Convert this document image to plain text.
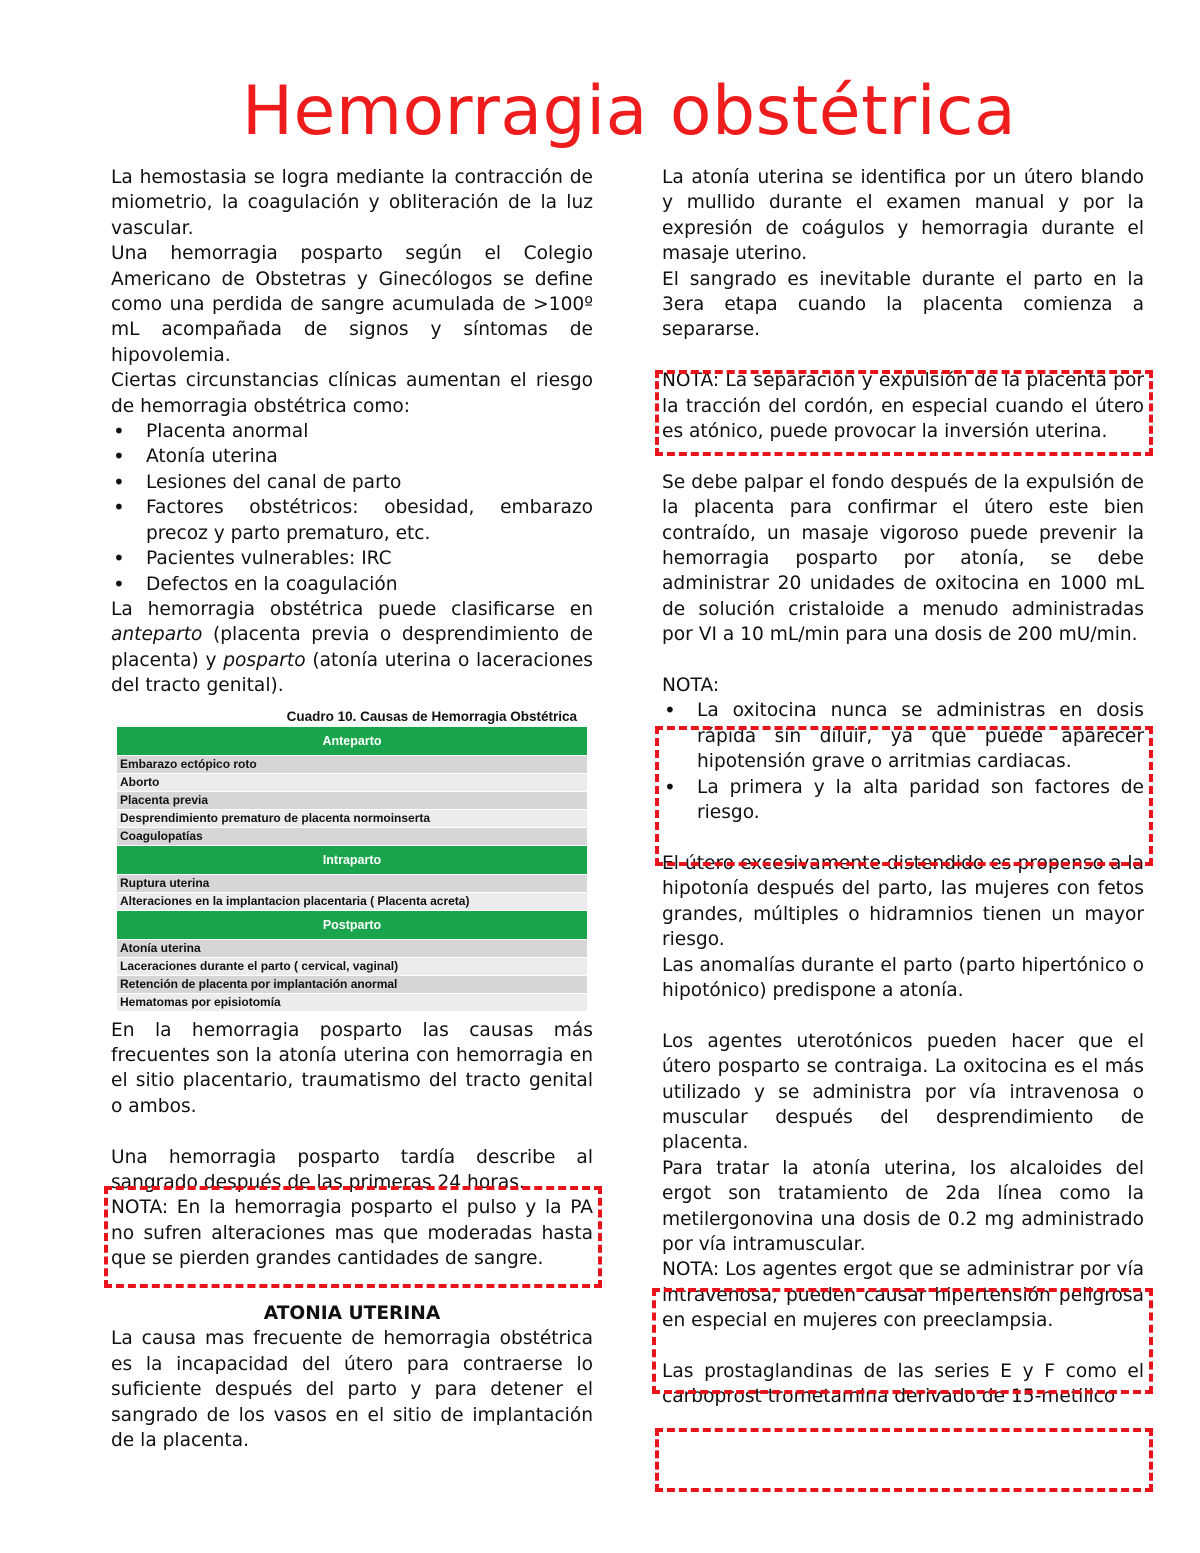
Hemorragia obstétrica

La hemostasia se logra mediante la contracción de miometrio, la coagulación y obliteración de la luz vascular.

Una hemorragia posparto según el Colegio Americano de Obstetras y Ginecólogos se define como una perdida de sangre acumulada de >100º mL acompañada de signos y síntomas de hipovolemia.

Ciertas circunstancias clínicas aumentan el riesgo de hemorragia obstétrica como:

• Placenta anormal
• Atonía uterina
• Lesiones del canal de parto
• Factores obstétricos: obesidad, embarazo precoz y parto prematuro, etc.
• Pacientes vulnerables: IRC
• Defectos en la coagulación

La hemorragia obstétrica puede clasificarse en anteparto (placenta previa o desprendimiento de placenta) y posparto (atonía uterina o laceraciones del tracto genital).

Cuadro 10. Causas de Hemorragia Obstétrica
Anteparto
Embarazo ectópico roto
Aborto
Placenta previa
Desprendimiento prematuro de placenta normoinserta
Coagulopatías
Intraparto
Ruptura uterina
Alteraciones en la implantacion placentaria ( Placenta acreta)
Postparto
Atonía uterina
Laceraciones durante el parto ( cervical, vaginal)
Retención de placenta por implantación anormal
Hematomas por episiotomía

En la hemorragia posparto las causas más frecuentes son la atonía uterina con hemorragia en el sitio placentario, traumatismo del tracto genital o ambos.

Una hemorragia posparto tardía describe al sangrado después de las primeras 24 horas.

NOTA: En la hemorragia posparto el pulso y la PA no sufren alteraciones mas que moderadas hasta que se pierden grandes cantidades de sangre.

ATONIA UTERINA

La causa mas frecuente de hemorragia obstétrica es la incapacidad del útero para contraerse lo suficiente después del parto y para detener el sangrado de los vasos en el sitio de implantación de la placenta.

La atonía uterina se identifica por un útero blando y mullido durante el examen manual y por la expresión de coágulos y hemorragia durante el masaje uterino.

El sangrado es inevitable durante el parto en la 3era etapa cuando la placenta comienza a separarse.

NOTA: La separación y expulsión de la placenta por la tracción del cordón, en especial cuando el útero es atónico, puede provocar la inversión uterina.

Se debe palpar el fondo después de la expulsión de la placenta para confirmar el útero este bien contraído, un masaje vigoroso puede prevenir la hemorragia posparto por atonía, se debe administrar 20 unidades de oxitocina en 1000 mL de solución cristaloide a menudo administradas por VI a 10 mL/min para una dosis de 200 mU/min.

NOTA:

• La oxitocina nunca se administras en dosis rápida sin diluir, ya que puede aparecer hipotensión grave o arritmias cardiacas.
• La primera y la alta paridad son factores de riesgo.

El útero excesivamente distendido es propenso a la hipotonía después del parto, las mujeres con fetos grandes, múltiples o hidramnios tienen un mayor riesgo.

Las anomalías durante el parto (parto hipertónico o hipotónico) predispone a atonía.

Los agentes uterotónicos pueden hacer que el útero posparto se contraiga. La oxitocina es el más utilizado y se administra por vía intravenosa o muscular después del desprendimiento de placenta.

Para tratar la atonía uterina, los alcaloides del ergot son tratamiento de 2da línea como la metilergonovina una dosis de 0.2 mg administrado por vía intramuscular.

NOTA: Los agentes ergot que se administrar por vía intravenosa, pueden causar hipertensión peligrosa en especial en mujeres con preeclampsia.

Las prostaglandinas de las series E y F como el carboprost trometamina derivado de 15-metilico
